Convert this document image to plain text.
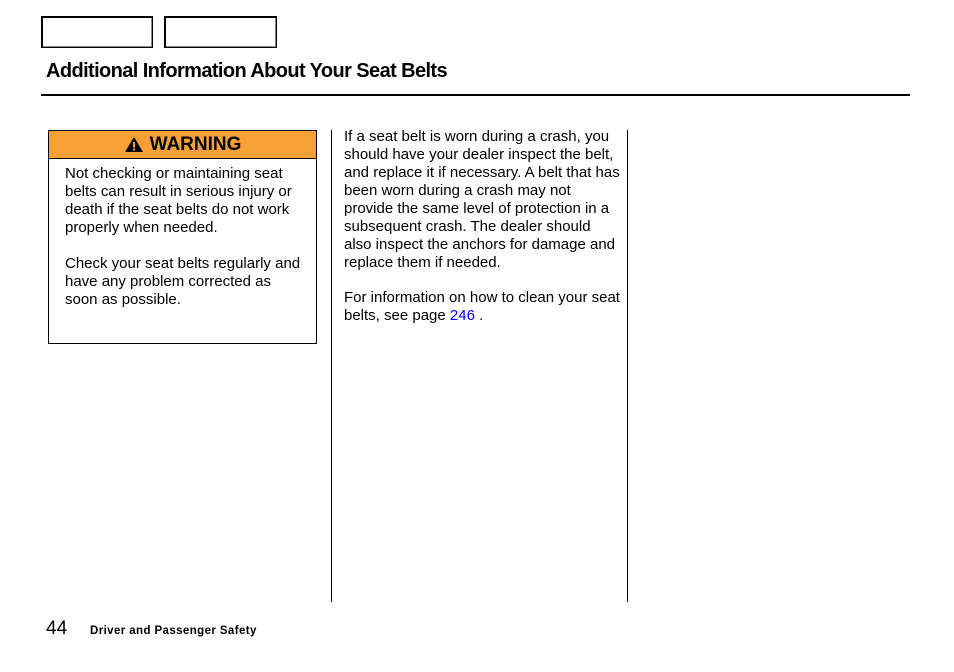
Additional Information About Your Seat Belts
WARNING

Not checking or maintaining seat belts can result in serious injury or death if the seat belts do not work properly when needed.

Check your seat belts regularly and have any problem corrected as soon as possible.

If a seat belt is worn during a crash, you should have your dealer inspect the belt, and replace it if necessary. A belt that has been worn during a crash may not provide the same level of protection in a subsequent crash. The dealer should also inspect the anchors for damage and replace them if needed.

For information on how to clean your seat belts, see page 246 .

44 Driver and Passenger Safety
